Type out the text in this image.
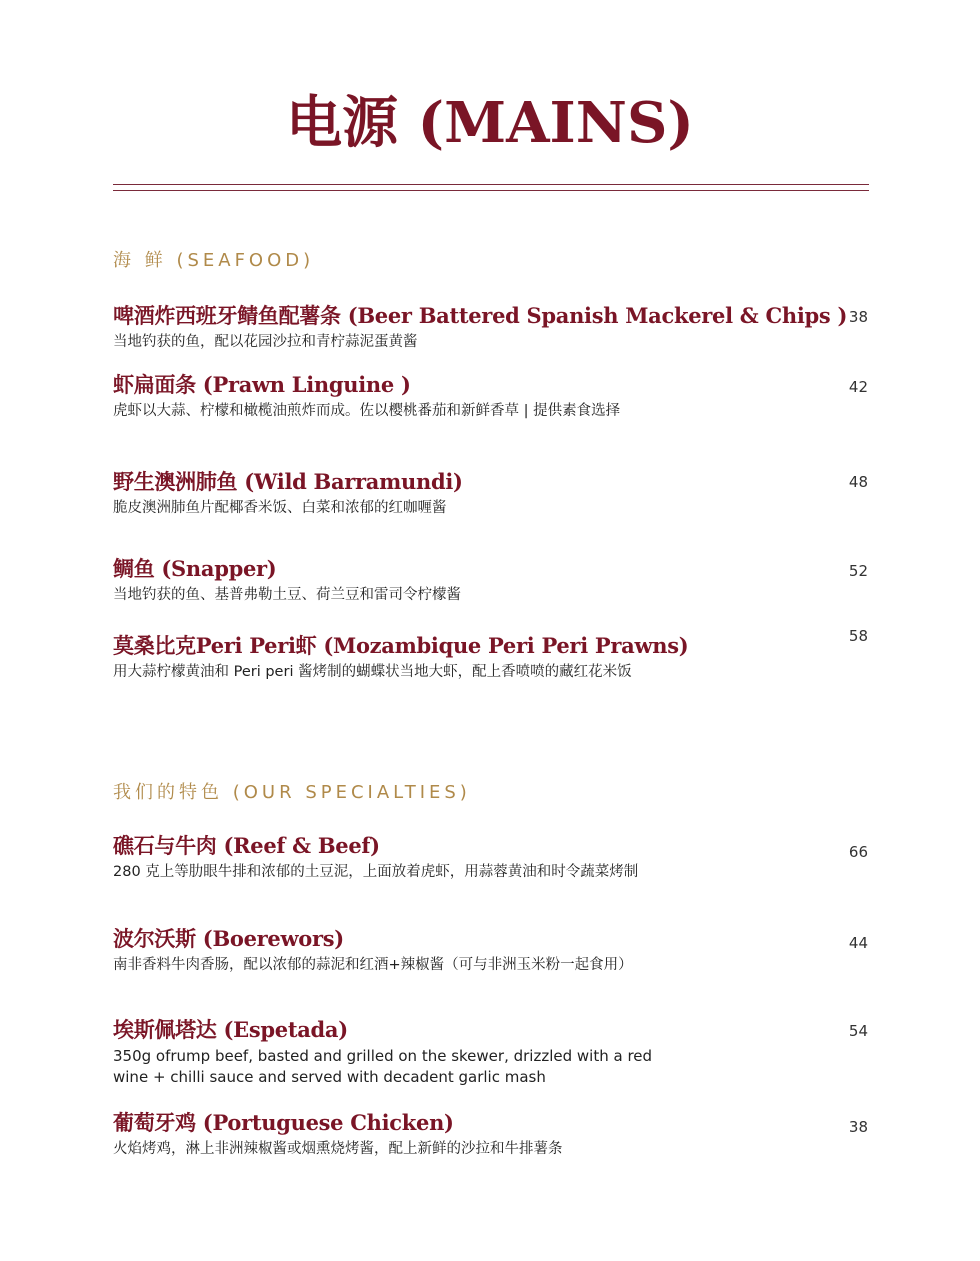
电源 (MAINS)
海 鲜 (SEAFOOD)
啤酒炸西班牙鲭鱼配薯条 (Beer Battered Spanish Mackerel & Chips )
当地钓获的鱼，配以花园沙拉和青柠蒜泥蛋黄酱
38
虾扁面条 (Prawn Linguine )
虎虾以大蒜、柠檬和橄榄油煎炸而成。佐以樱桃番茄和新鲜香草 | 提供素食选择
42
野生澳洲肺鱼 (Wild Barramundi)
脆皮澳洲肺鱼片配椰香米饭、白菜和浓郁的红咖喱酱
48
鲷鱼 (Snapper)
当地钓获的鱼、基普弗勒土豆、荷兰豆和雷司令柠檬酱
52
莫桑比克Peri Peri虾 (Mozambique Peri Peri Prawns)
用大蒜柠檬黄油和 Peri peri 酱烤制的蝴蝶状当地大虾，配上香喷喷的藏红花米饭
58
我们的特色 (OUR SPECIALTIES)
礁石与牛肉 (Reef & Beef)
280 克上等肋眼牛排和浓郁的土豆泥，上面放着虎虾，用蒜蓉黄油和时令蔬菜烤制
66
波尔沃斯 (Boerewors)
南非香料牛肉香肠，配以浓郁的蒜泥和红酒+辣椒酱（可与非洲玉米粉一起食用）
44
埃斯佩塔达 (Espetada)
350g ofrump beef, basted and grilled on the skewer, drizzled with a red wine + chilli sauce and served with decadent garlic mash
54
葡萄牙鸡 (Portuguese Chicken)
火焰烤鸡，淋上非洲辣椒酱或烟熏烧烤酱，配上新鲜的沙拉和牛排薯条
38
